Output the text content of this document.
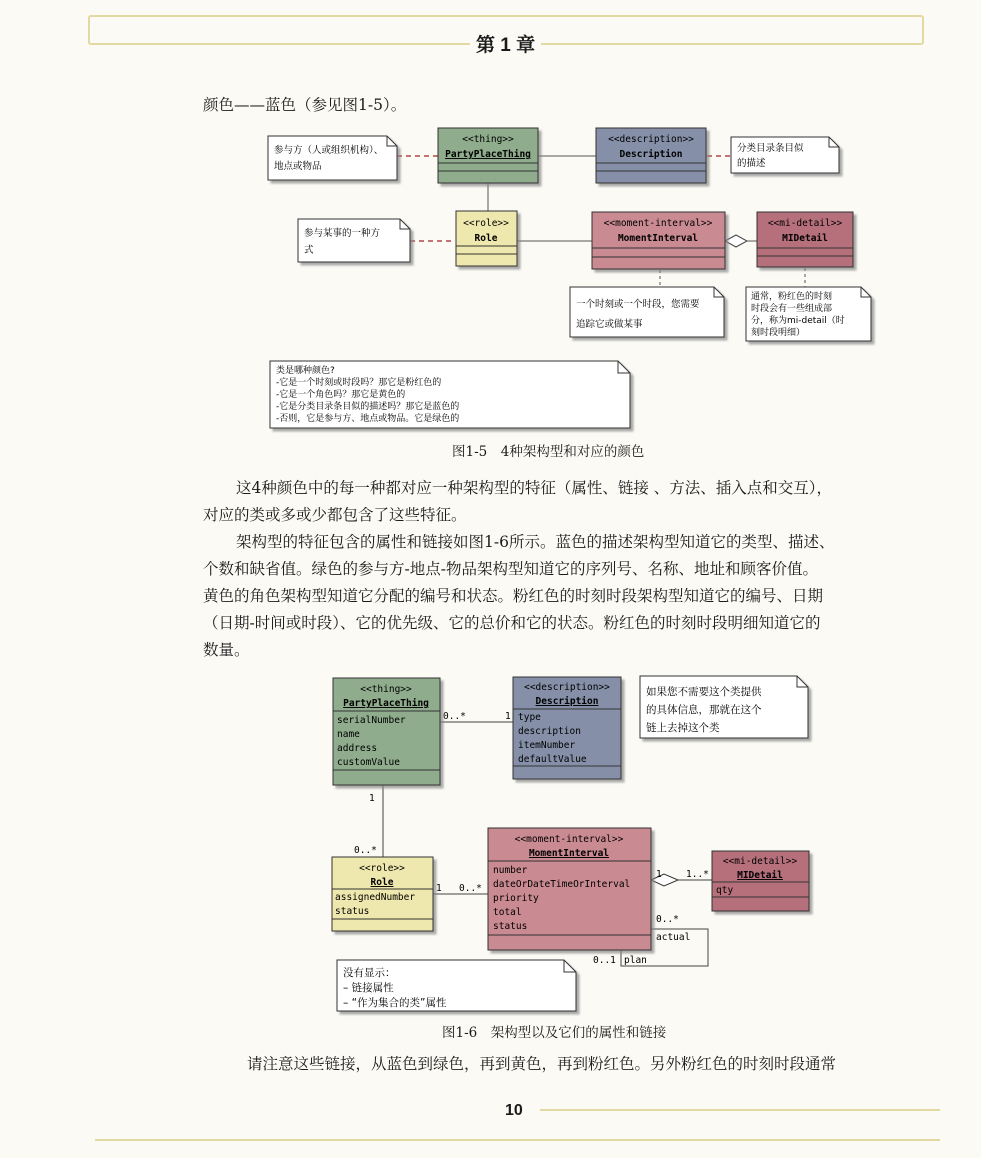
第 1 章
颜色——蓝色（参见图1-5）。
<<thing>>
PartyPlaceThing
<<description>>
Description
<<role>>
Role
<<moment-interval>>
MomentInterval
<<mi-detail>>
MIDetail
参与方（人或组织机构）、
地点或物品
分类目录条目似
的描述
参与某事的一种方
式
一个时刻或一个时段，您需要
追踪它或做某事
通常，粉红色的时刻
时段会有一些组成部
分，称为mi-detail（时
刻时段明细）
类是哪种颜色?
-它是一个时刻或时段吗？那它是粉红色的
-它是一个角色吗？那它是黄色的
-它是分类目录条目似的描述吗？那它是蓝色的
-否则，它是参与方、地点或物品。它是绿色的
图1-5　4种架构型和对应的颜色
这4种颜色中的每一种都对应一种架构型的特征（属性、链接 、方法、插入点和交互），
对应的类或多或少都包含了这些特征。
架构型的特征包含的属性和链接如图1-6所示。蓝色的描述架构型知道它的类型、描述、
个数和缺省值。绿色的参与方-地点-物品架构型知道它的序列号、名称、地址和顾客价值。
黄色的角色架构型知道它分配的编号和状态。粉红色的时刻时段架构型知道它的编号、日期
（日期-时间或时段）、它的优先级、它的总价和它的状态。粉红色的时刻时段明细知道它的
数量。
0..*	1
1
0..*
1 0..*
1	1..*
0..*
actual
0..1 plan
<<thing>>
PartyPlaceThing
serialNumber
name
address
customValue
<<description>>
Description
type
description
itemNumber
defaultValue
<<role>>
Role
assignedNumber
status
<<moment-interval>>
MomentInterval
number
dateOrDateTimeOrInterval
priority
total
status
<<mi-detail>>
MIDetail
qty
如果您不需要这个类提供
的具体信息，那就在这个
链上去掉这个类
没有显示：
– 链接属性
– “作为集合的类”属性
图1-6　架构型以及它们的属性和链接
请注意这些链接，从蓝色到绿色，再到黄色，再到粉红色。另外粉红色的时刻时段通常
10
